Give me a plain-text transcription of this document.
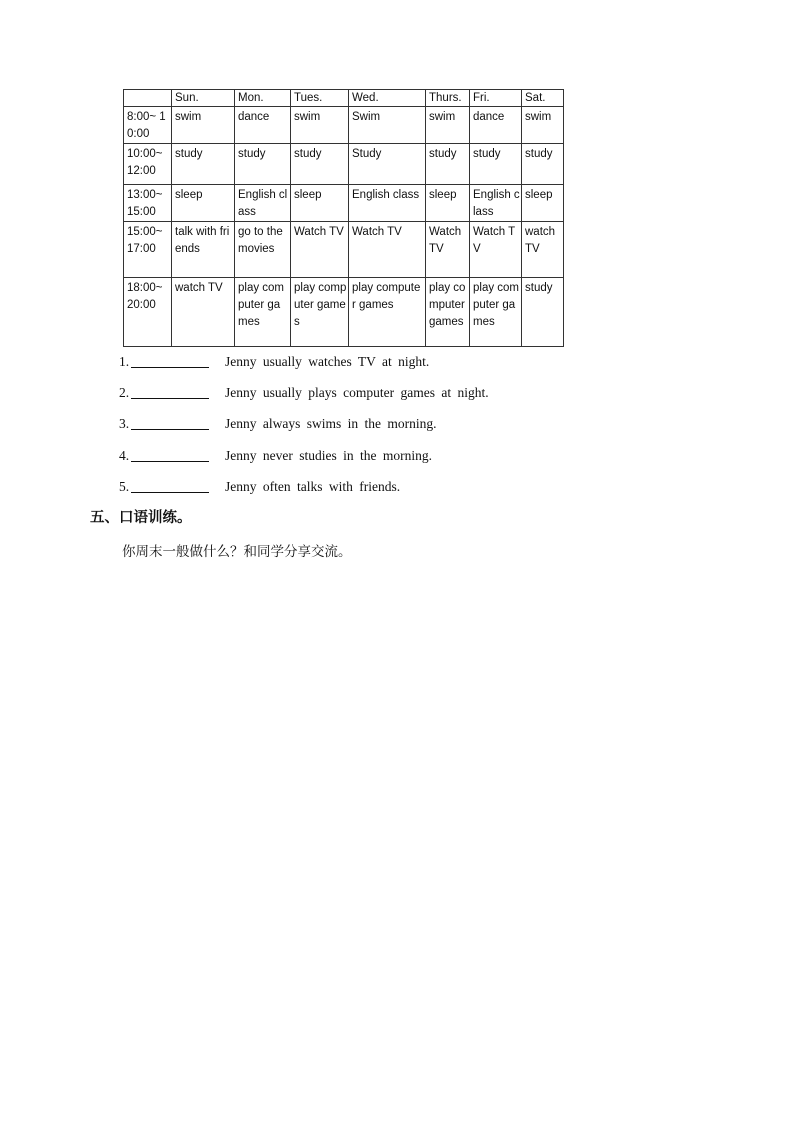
	Sun.	Mon.	Tues.	Wed.	Thurs.	Fri.	Sat.
8:00~ 10:00	swim	dance	swim	Swim	swim	dance	swim
10:00~ 12:00	study	study	study	Study	study	study	study
13:00~ 15:00	sleep	English class	sleep	English class	sleep	English class	sleep
15:00~ 17:00	talk with friends	go to the movies	Watch TV	Watch TV	Watch TV	Watch TV	watch TV
18:00~ 20:00	watch TV	play computer games	play computer games	play computer games	play computer games	play computer games	study
1.	Jenny usually watches TV at night.
2.	Jenny usually plays computer games at night.
3.	Jenny always swims in the morning.
4.	Jenny never studies in the morning.
5.	Jenny often talks with friends.
五、口语训练。
你周末一般做什么？和同学分享交流。
